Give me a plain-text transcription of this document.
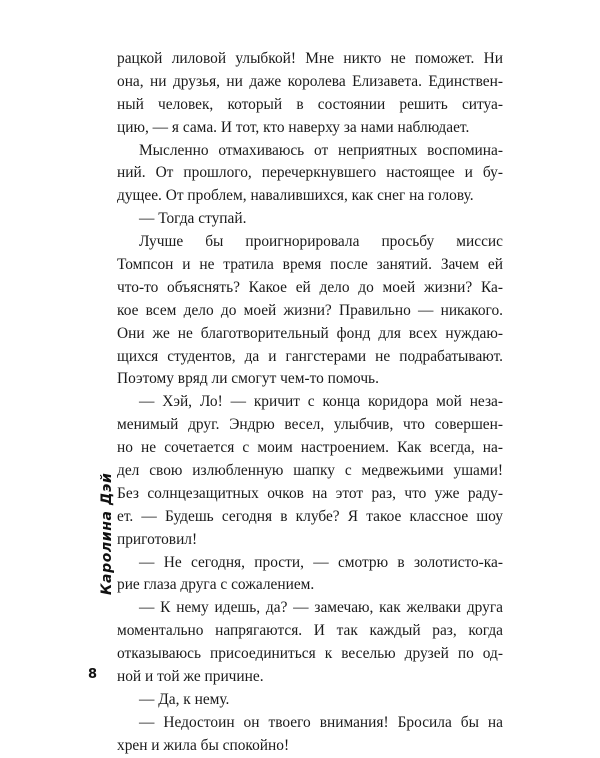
рацкой лиловой улыбкой! Мне никто не поможет. Ни
она, ни друзья, ни даже королева Елизавета. Единствен-
ный человек, который в состоянии решить ситуа-
цию, — я сама. И тот, кто наверху за нами наблюдает.
Мысленно отмахиваюсь от неприятных воспомина-
ний. От прошлого, перечеркнувшего настоящее и бу-
дущее. От проблем, навалившихся, как снег на голову.
— Тогда ступай.
Лучше бы проигнорировала просьбу миссис
Томпсон и не тратила время после занятий. Зачем ей
что-то объяснять? Какое ей дело до моей жизни? Ка-
кое всем дело до моей жизни? Правильно — никакого.
Они же не благотворительный фонд для всех нуждаю-
щихся студентов, да и гангстерами не подрабатывают.
Поэтому вряд ли смогут чем-то помочь.
— Хэй, Ло! — кричит с конца коридора мой неза-
менимый друг. Эндрю весел, улыбчив, что совершен-
но не сочетается с моим настроением. Как всегда, на-
дел свою излюбленную шапку с медвежьими ушами!
Без солнцезащитных очков на этот раз, что уже раду-
ет. — Будешь сегодня в клубе? Я такое классное шоу
приготовил!
— Не сегодня, прости, — смотрю в золотисто-ка-
рие глаза друга с сожалением.
— К нему идешь, да? — замечаю, как желваки друга
моментально напрягаются. И так каждый раз, когда
отказываюсь присоединиться к веселью друзей по од-
ной и той же причине.
— Да, к нему.
— Недостоин он твоего внимания! Бросила бы на
хрен и жила бы спокойно!
Каролина Дэй
8
